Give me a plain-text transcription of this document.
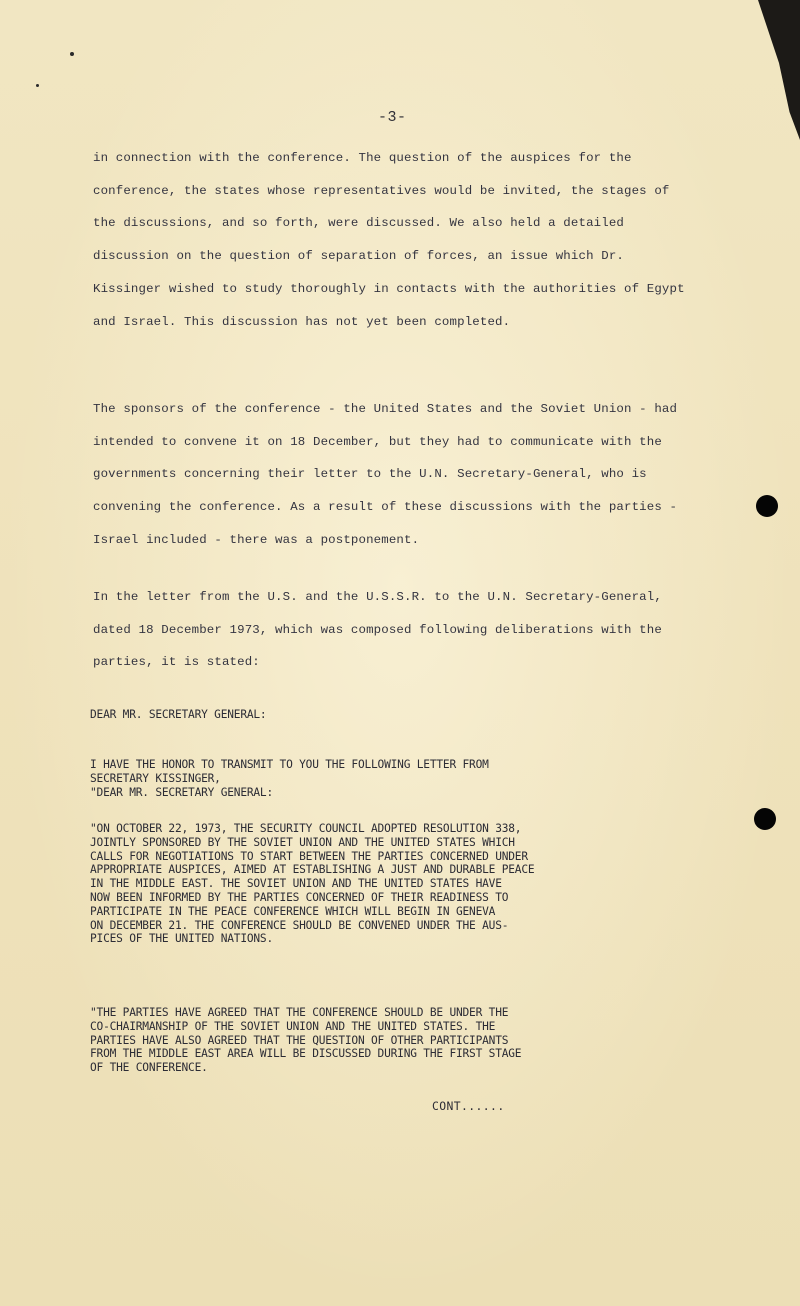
-3-

in connection with the conference. The question of the auspices for the conference, the states whose representatives would be invited, the stages of the discussions, and so forth, were discussed. We also held a detailed discussion on the question of separation of forces, an issue which Dr. Kissinger wished to study thoroughly in contacts with the authorities of Egypt and Israel. This discussion has not yet been completed.

The sponsors of the conference - the United States and the Soviet Union - had intended to convene it on 18 December, but they had to communicate with the governments concerning their letter to the U.N. Secretary-General, who is convening the conference. As a result of these discussions with the parties - Israel included - there was a postponement.

In the letter from the U.S. and the U.S.S.R. to the U.N. Secretary-General, dated 18 December 1973, which was composed following deliberations with the parties, it is stated:

DEAR MR. SECRETARY GENERAL:

I HAVE THE HONOR TO TRANSMIT TO YOU THE FOLLOWING LETTER FROM
SECRETARY KISSINGER,
"DEAR MR. SECRETARY GENERAL:

"ON OCTOBER 22, 1973, THE SECURITY COUNCIL ADOPTED RESOLUTION 338,
JOINTLY SPONSORED BY THE SOVIET UNION AND THE UNITED STATES WHICH
CALLS FOR NEGOTIATIONS TO START BETWEEN THE PARTIES CONCERNED UNDER
APPROPRIATE AUSPICES, AIMED AT ESTABLISHING A JUST AND DURABLE PEACE
IN THE MIDDLE EAST. THE SOVIET UNION AND THE UNITED STATES HAVE
NOW BEEN INFORMED BY THE PARTIES CONCERNED OF THEIR READINESS TO
PARTICIPATE IN THE PEACE CONFERENCE WHICH WILL BEGIN IN GENEVA
ON DECEMBER 21. THE CONFERENCE SHOULD BE CONVENED UNDER THE AUS-
PICES OF THE UNITED NATIONS.

"THE PARTIES HAVE AGREED THAT THE CONFERENCE SHOULD BE UNDER THE
CO-CHAIRMANSHIP OF THE SOVIET UNION AND THE UNITED STATES. THE
PARTIES HAVE ALSO AGREED THAT THE QUESTION OF OTHER PARTICIPANTS
FROM THE MIDDLE EAST AREA WILL BE DISCUSSED DURING THE FIRST STAGE
OF THE CONFERENCE.

CONT......
